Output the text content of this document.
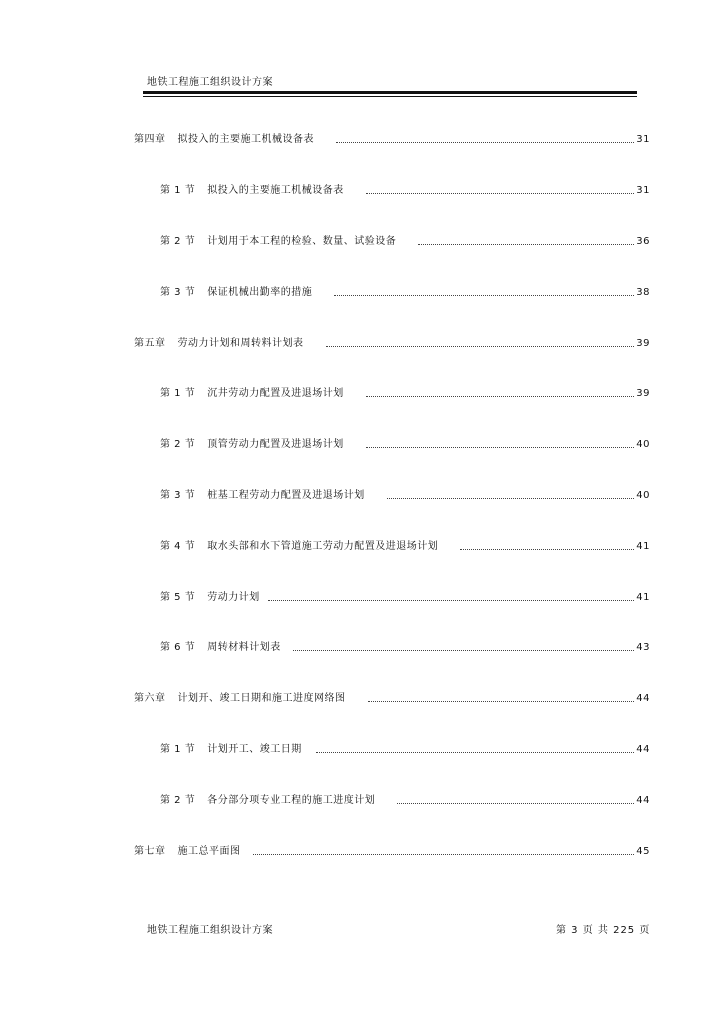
地铁工程施工组织设计方案
第四章 拟投入的主要施工机械设备表	31
第 1 节 拟投入的主要施工机械设备表	31
第 2 节 计划用于本工程的检验、数量、试验设备	36
第 3 节 保证机械出勤率的措施	38
第五章 劳动力计划和周转料计划表	39
第 1 节 沉井劳动力配置及进退场计划	39
第 2 节 顶管劳动力配置及进退场计划	40
第 3 节 桩基工程劳动力配置及进退场计划	40
第 4 节 取水头部和水下管道施工劳动力配置及进退场计划	41
第 5 节 劳动力计划	41
第 6 节 周转材料计划表	43
第六章 计划开、竣工日期和施工进度网络图	44
第 1 节 计划开工、竣工日期	44
第 2 节 各分部分项专业工程的施工进度计划	44
第七章 施工总平面图	45
地铁工程施工组织设计方案	第 3 页 共 225 页
